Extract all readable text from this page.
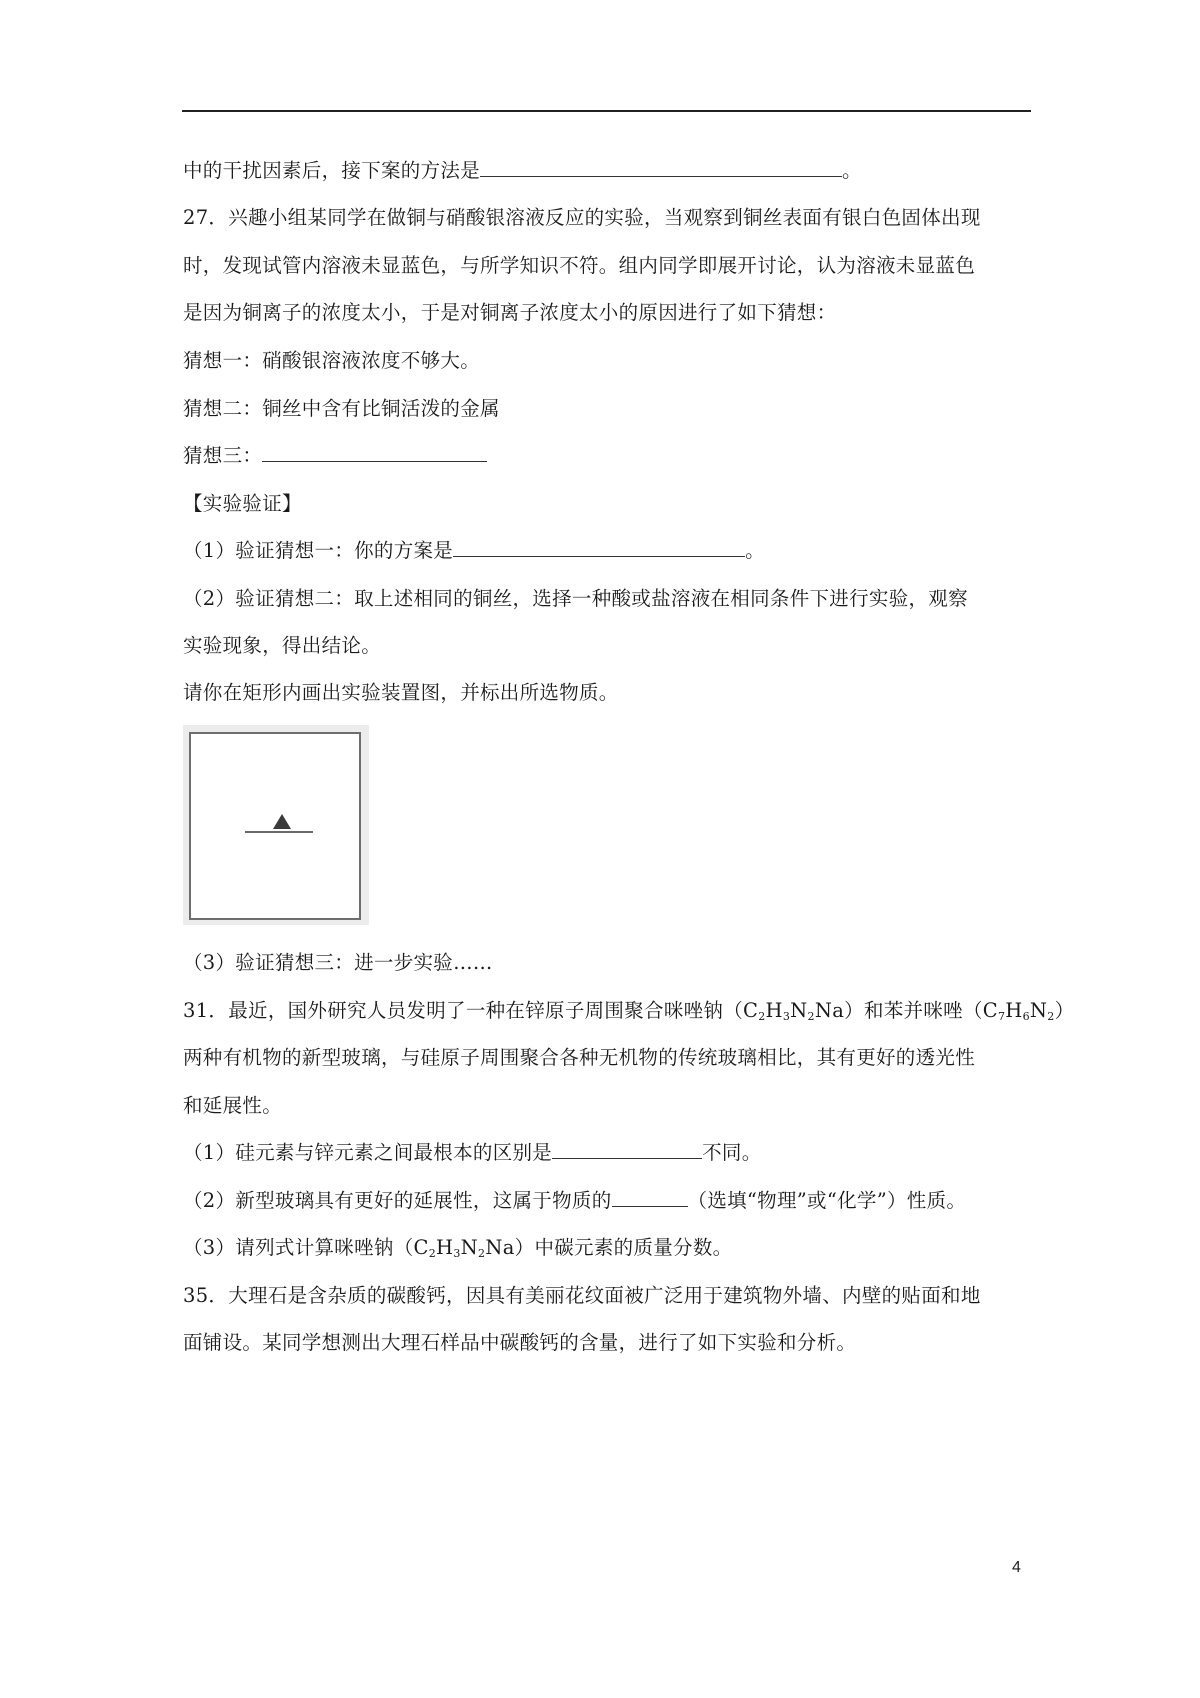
中的干扰因素后，接下案的方法是	。
27．兴趣小组某同学在做铜与硝酸银溶液反应的实验，当观察到铜丝表面有银白色固体出现
时，发现试管内溶液未显蓝色，与所学知识不符。组内同学即展开讨论，认为溶液未显蓝色
是因为铜离子的浓度太小，于是对铜离子浓度太小的原因进行了如下猜想：
猜想一：硝酸银溶液浓度不够大。
猜想二：铜丝中含有比铜活泼的金属
猜想三：
【实验验证】
（1）验证猜想一：你的方案是	。
（2）验证猜想二：取上述相同的铜丝，选择一种酸或盐溶液在相同条件下进行实验，观察
实验现象，得出结论。
请你在矩形内画出实验装置图，并标出所选物质。
（3）验证猜想三：进一步实验……
31．最近，国外研究人员发明了一种在锌原子周围聚合咪唑钠$(C_2H_3N_2Na)$和苯并咪唑$(C_7H_6N_2)$
两种有机物的新型玻璃，与硅原子周围聚合各种无机物的传统玻璃相比，其有更好的透光性
和延展性。
（1）硅元素与锌元素之间最根本的区别是	不同。
（2）新型玻璃具有更好的延展性，这属于物质的	（选填“物理”或“化学”）性质。
（3）请列式计算咪唑钠$(C_2H_3N_2Na)$中碳元素的质量分数。
35．大理石是含杂质的碳酸钙，因具有美丽花纹面被广泛用于建筑物外墙、内壁的贴面和地
面铺设。某同学想测出大理石样品中碳酸钙的含量，进行了如下实验和分析。
4
